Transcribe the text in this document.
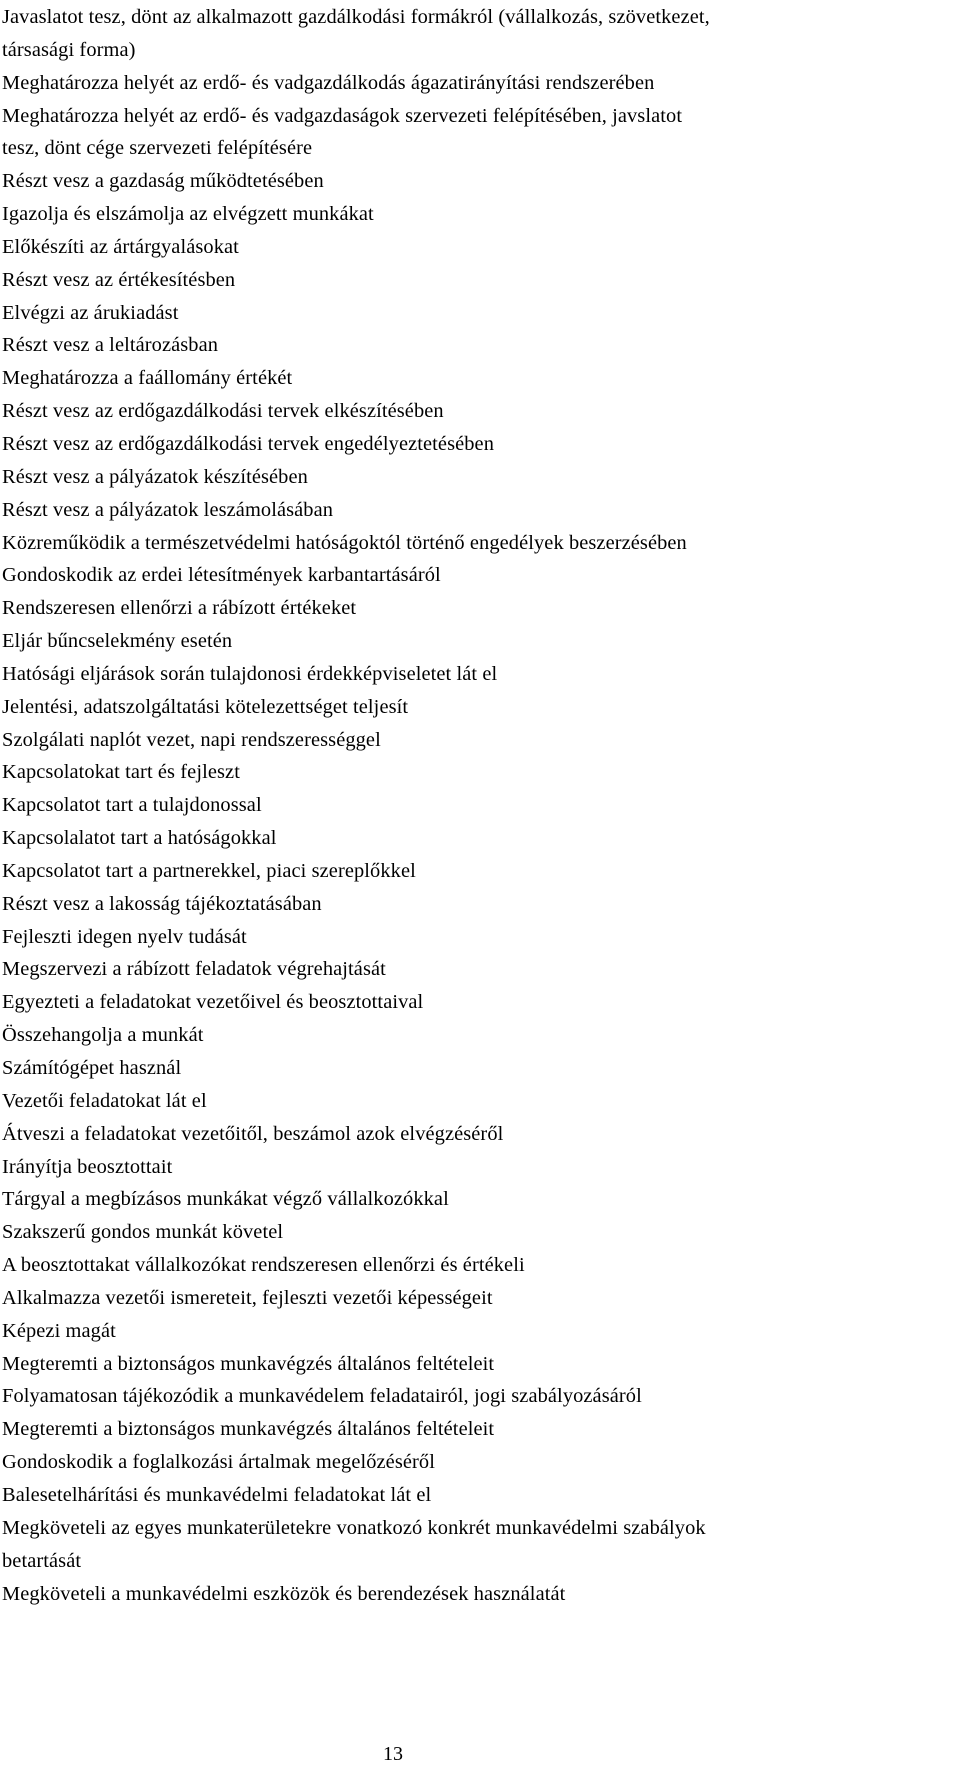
Javaslatot tesz, dönt az alkalmazott gazdálkodási formákról (vállalkozás, szövetkezet,
társasági forma)
Meghatározza helyét az erdő- és vadgazdálkodás ágazatirányítási rendszerében
Meghatározza helyét az erdő- és vadgazdaságok szervezeti felépítésében, javslatot
tesz, dönt cége szervezeti felépítésére
Részt vesz a gazdaság működtetésében
Igazolja és elszámolja az elvégzett munkákat
Előkészíti az ártárgyalásokat
Részt vesz az értékesítésben
Elvégzi az árukiadást
Részt vesz a leltározásban
Meghatározza a faállomány értékét
Részt vesz az erdőgazdálkodási tervek elkészítésében
Részt vesz az erdőgazdálkodási tervek engedélyeztetésében
Részt vesz a pályázatok készítésében
Részt vesz a pályázatok leszámolásában
Közreműködik a természetvédelmi hatóságoktól történő engedélyek beszerzésében
Gondoskodik az erdei létesítmények karbantartásáról
Rendszeresen ellenőrzi a rábízott értékeket
Eljár bűncselekmény esetén
Hatósági eljárások során tulajdonosi érdekképviseletet lát el
Jelentési, adatszolgáltatási kötelezettséget teljesít
Szolgálati naplót vezet, napi rendszerességgel
Kapcsolatokat tart és fejleszt
Kapcsolatot tart a tulajdonossal
Kapcsolalatot tart a hatóságokkal
Kapcsolatot tart a partnerekkel, piaci szereplőkkel
Részt vesz a lakosság tájékoztatásában
Fejleszti idegen nyelv tudását
Megszervezi a rábízott feladatok végrehajtását
Egyezteti a feladatokat vezetőivel és beosztottaival
Összehangolja a munkát
Számítógépet használ
Vezetői feladatokat lát el
Átveszi a feladatokat vezetőitől, beszámol azok elvégzéséről
Irányítja beosztottait
Tárgyal a megbízásos munkákat végző vállalkozókkal
Szakszerű gondos munkát követel
A beosztottakat vállalkozókat rendszeresen ellenőrzi és értékeli
Alkalmazza vezetői ismereteit, fejleszti vezetői képességeit
Képezi magát
Megteremti a biztonságos munkavégzés általános feltételeit
Folyamatosan tájékozódik a munkavédelem feladatairól, jogi szabályozásáról
Megteremti a biztonságos munkavégzés általános feltételeit
Gondoskodik a foglalkozási ártalmak megelőzéséről
Balesetelhárítási és munkavédelmi feladatokat lát el
Megköveteli az egyes munkaterületekre vonatkozó konkrét munkavédelmi szabályok
betartását
Megköveteli a munkavédelmi eszközök és berendezések használatát
13
